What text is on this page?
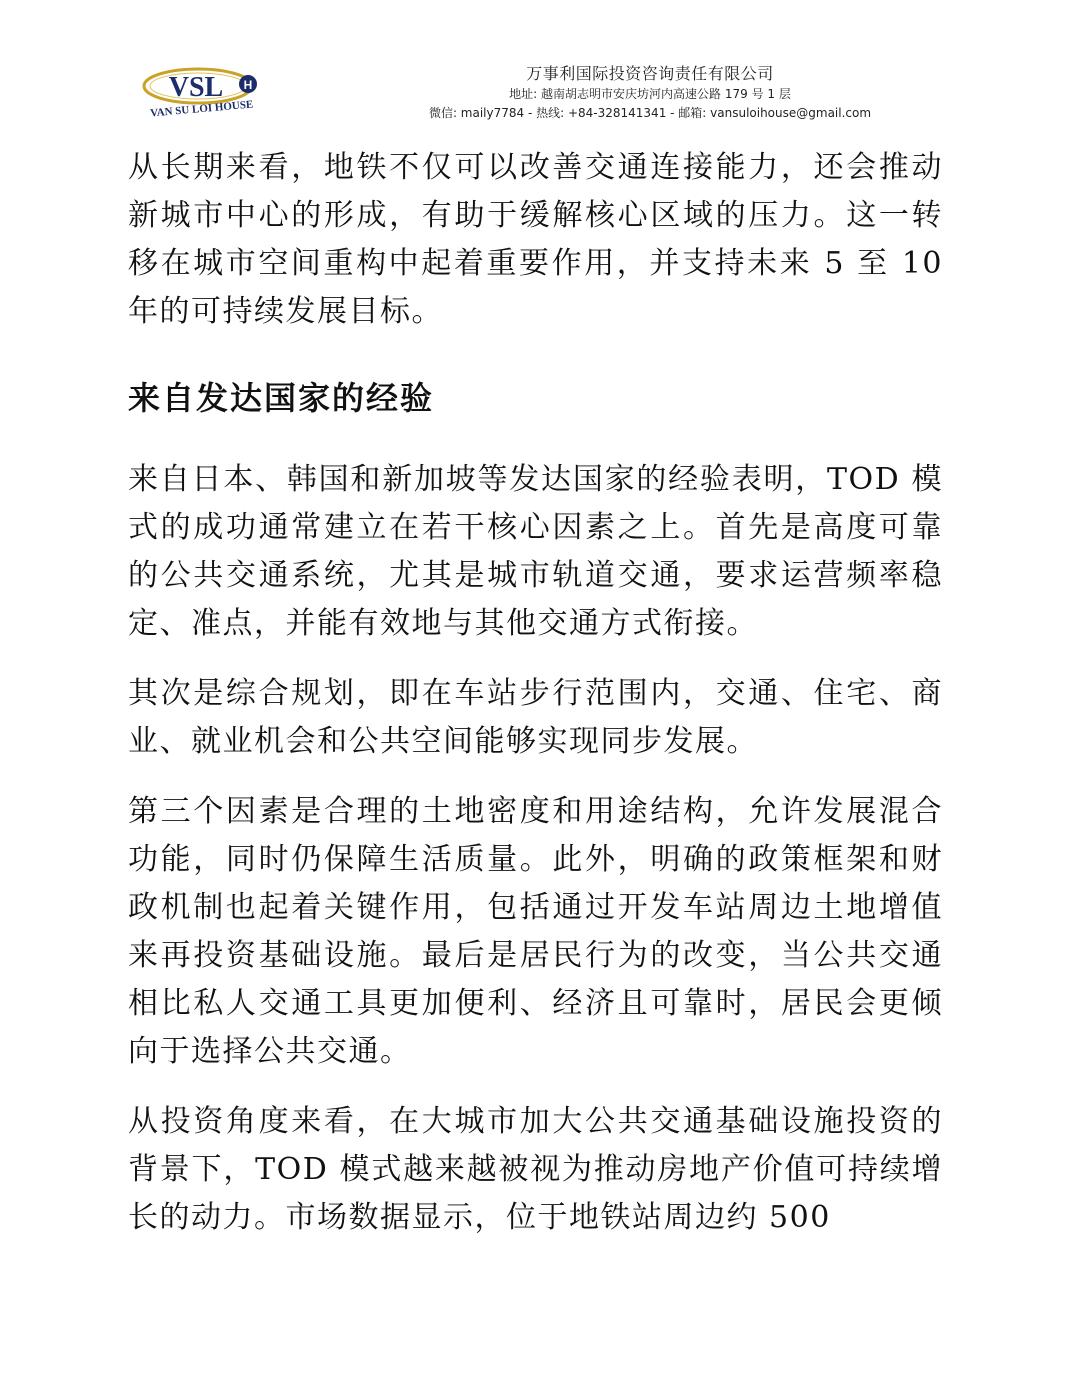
VSL H
VAN SU LOI HOUSE
万事利国际投资咨询责任有限公司
地址: 越南胡志明市安庆坊河内高速公路 179 号 1 层
微信: maily7784 - 热线: +84-328141341 - 邮箱: vansuloihouse@gmail.com

从长期来看，地铁不仅可以改善交通连接能力，还会推动新城市中心的形成，有助于缓解核心区域的压力。这一转移在城市空间重构中起着重要作用，并支持未来 5 至 10 年的可持续发展目标。

来自发达国家的经验

来自日本、韩国和新加坡等发达国家的经验表明，TOD 模式的成功通常建立在若干核心因素之上。首先是高度可靠的公共交通系统，尤其是城市轨道交通，要求运营频率稳定、准点，并能有效地与其他交通方式衔接。

其次是综合规划，即在车站步行范围内，交通、住宅、商业、就业机会和公共空间能够实现同步发展。

第三个因素是合理的土地密度和用途结构，允许发展混合功能，同时仍保障生活质量。此外，明确的政策框架和财政机制也起着关键作用，包括通过开发车站周边土地增值来再投资基础设施。最后是居民行为的改变，当公共交通相比私人交通工具更加便利、经济且可靠时，居民会更倾向于选择公共交通。

从投资角度来看，在大城市加大公共交通基础设施投资的背景下，TOD 模式越来越被视为推动房地产价值可持续增长的动力。市场数据显示，位于地铁站周边约 500
